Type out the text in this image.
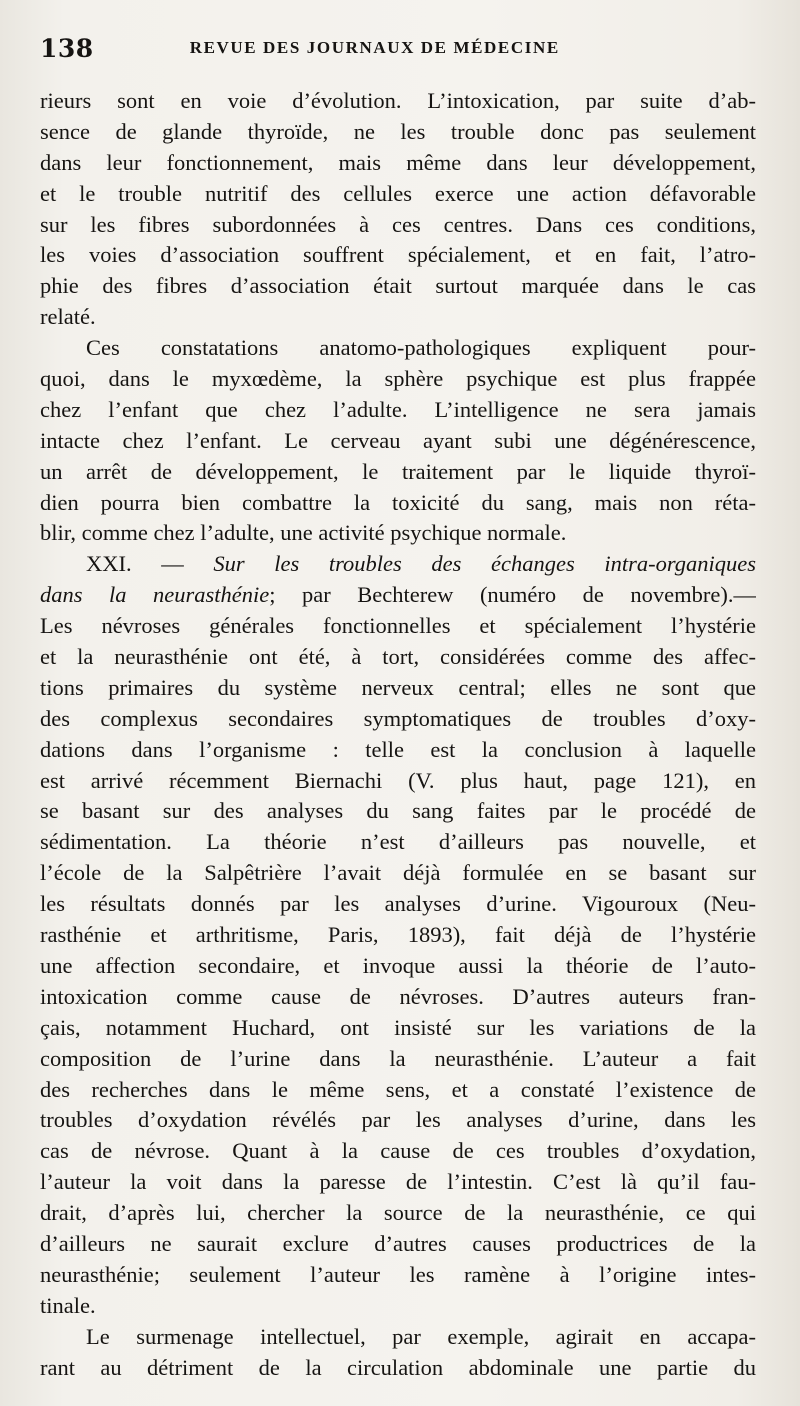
138	REVUE DES JOURNAUX DE MÉDECINE
rieurs sont en voie d’évolution. L’intoxication, par suite d’ab-
sence de glande thyroïde, ne les trouble donc pas seulement
dans leur fonctionnement, mais même dans leur développement,
et le trouble nutritif des cellules exerce une action défavorable
sur les fibres subordonnées à ces centres. Dans ces conditions,
les voies d’association souffrent spécialement, et en fait, l’atro-
phie des fibres d’association était surtout marquée dans le cas
relaté.
Ces constatations anatomo-pathologiques expliquent pour-
quoi, dans le myxœdème, la sphère psychique est plus frappée
chez l’enfant que chez l’adulte. L’intelligence ne sera jamais
intacte chez l’enfant. Le cerveau ayant subi une dégénérescence,
un arrêt de développement, le traitement par le liquide thyroï-
dien pourra bien combattre la toxicité du sang, mais non réta-
blir, comme chez l’adulte, une activité psychique normale.
XXI. — Sur les troubles des échanges intra-organiques
dans la neurasthénie; par Bechterew (numéro de novembre).—
Les névroses générales fonctionnelles et spécialement l’hystérie
et la neurasthénie ont été, à tort, considérées comme des affec-
tions primaires du système nerveux central; elles ne sont que
des complexus secondaires symptomatiques de troubles d’oxy-
dations dans l’organisme : telle est la conclusion à laquelle
est arrivé récemment Biernachi (V. plus haut, page 121), en
se basant sur des analyses du sang faites par le procédé de
sédimentation. La théorie n’est d’ailleurs pas nouvelle, et
l’école de la Salpêtrière l’avait déjà formulée en se basant sur
les résultats donnés par les analyses d’urine. Vigouroux (Neu-
rasthénie et arthritisme, Paris, 1893), fait déjà de l’hystérie
une affection secondaire, et invoque aussi la théorie de l’auto-
intoxication comme cause de névroses. D’autres auteurs fran-
çais, notamment Huchard, ont insisté sur les variations de la
composition de l’urine dans la neurasthénie. L’auteur a fait
des recherches dans le même sens, et a constaté l’existence de
troubles d’oxydation révélés par les analyses d’urine, dans les
cas de névrose. Quant à la cause de ces troubles d’oxydation,
l’auteur la voit dans la paresse de l’intestin. C’est là qu’il fau-
drait, d’après lui, chercher la source de la neurasthénie, ce qui
d’ailleurs ne saurait exclure d’autres causes productrices de la
neurasthénie; seulement l’auteur les ramène à l’origine intes-
tinale.
Le surmenage intellectuel, par exemple, agirait en accapa-
rant au détriment de la circulation abdominale une partie du
